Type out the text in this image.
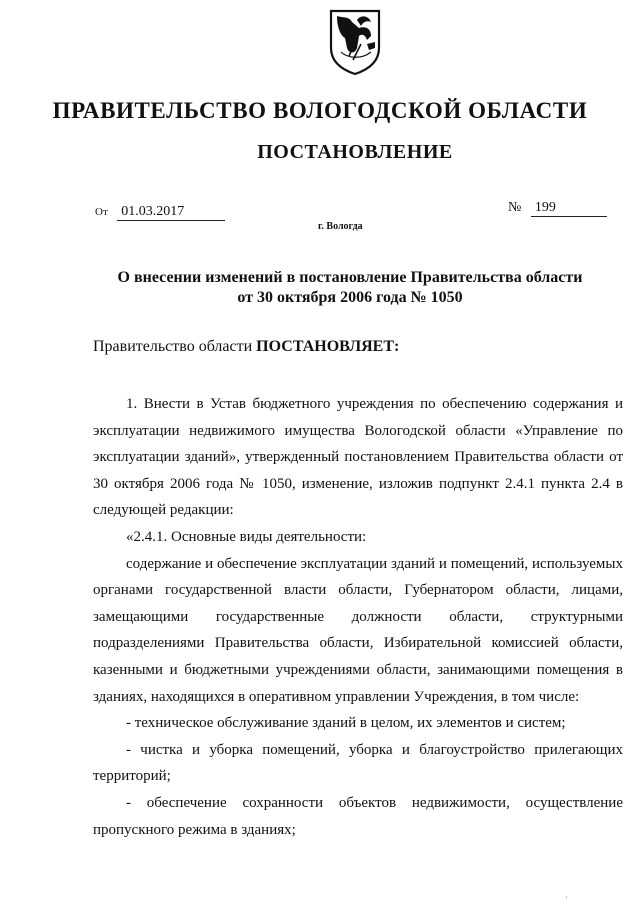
ПРАВИТЕЛЬСТВО ВОЛОГОДСКОЙ ОБЛАСТИ
ПОСТАНОВЛЕНИЕ
От 01.03.2017	№ 199
г. Вологда
О внесении изменений в постановление Правительства области
от 30 октября 2006 года № 1050
Правительство области ПОСТАНОВЛЯЕТ:

1. Внести в Устав бюджетного учреждения по обеспечению содержания и эксплуатации недвижимого имущества Вологодской области «Управление по эксплуатации зданий», утвержденный постановлением Правительства области от 30 октября 2006 года № 1050, изменение, изложив подпункт 2.4.1 пункта 2.4 в следующей редакции:

«2.4.1. Основные виды деятельности:

содержание и обеспечение эксплуатации зданий и помещений, используемых органами государственной власти области, Губернатором области, лицами, замещающими государственные должности области, структурными подразделениями Правительства области, Избирательной комиссией области, казенными и бюджетными учреждениями области, занимающими помещения в зданиях, находящихся в оперативном управлении Учреждения, в том числе:

- техническое обслуживание зданий в целом, их элементов и систем;

- чистка и уборка помещений, уборка и благоустройство прилегающих территорий;

- обеспечение сохранности объектов недвижимости, осуществление пропускного режима в зданиях;

'
